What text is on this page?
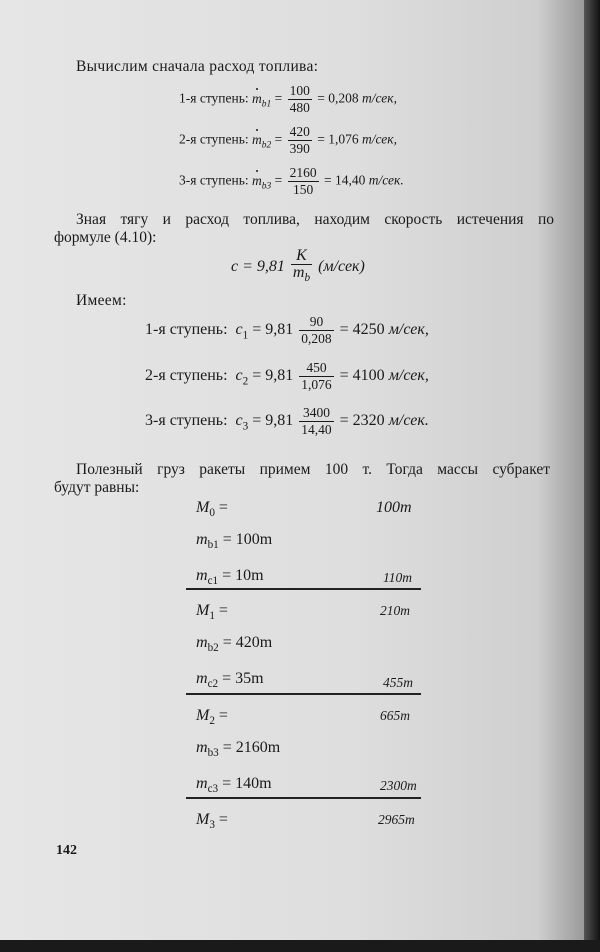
Вычислим сначала расход топлива:
1-я ступень: $m_{b1} = \frac{100}{480} = 0,208$ т/сек,
2-я ступень: $m_{b2} = \frac{420}{390} = 1,076$ т/сек,
3-я ступень: $m_{b3} = \frac{2160}{150} = 14,40$ т/сек.
Зная тягу и расход топлива, находим скорость истечения по
формуле (4.10):
$c = 9,81 \frac{K}{m_b} (м/сек)$
Имеем:
1-я ступень: $c_1 = 9,81 \frac{90}{0,208} = 4250$ м/сек,
2-я ступень: $c_2 = 9,81 \frac{450}{1,076} = 4100$ м/сек,
3-я ступень: $c_3 = 9,81 \frac{3400}{14,40} = 2320$ м/сек.
Полезный груз ракеты примем 100 т. Тогда массы субракет
будут равны:
$M_0$ =	100m
$m_{b1} = 100m$
$m_{c1} = 10m$	110m
$M_1$ =	210m
$m_{b2} = 420m$
$m_{c2} = 35m$	455m
$M_2$ =	665m
$m_{b3} = 2160m$
$m_{c3} = 140m$	2300m
$M_3$ =	2965m
142
